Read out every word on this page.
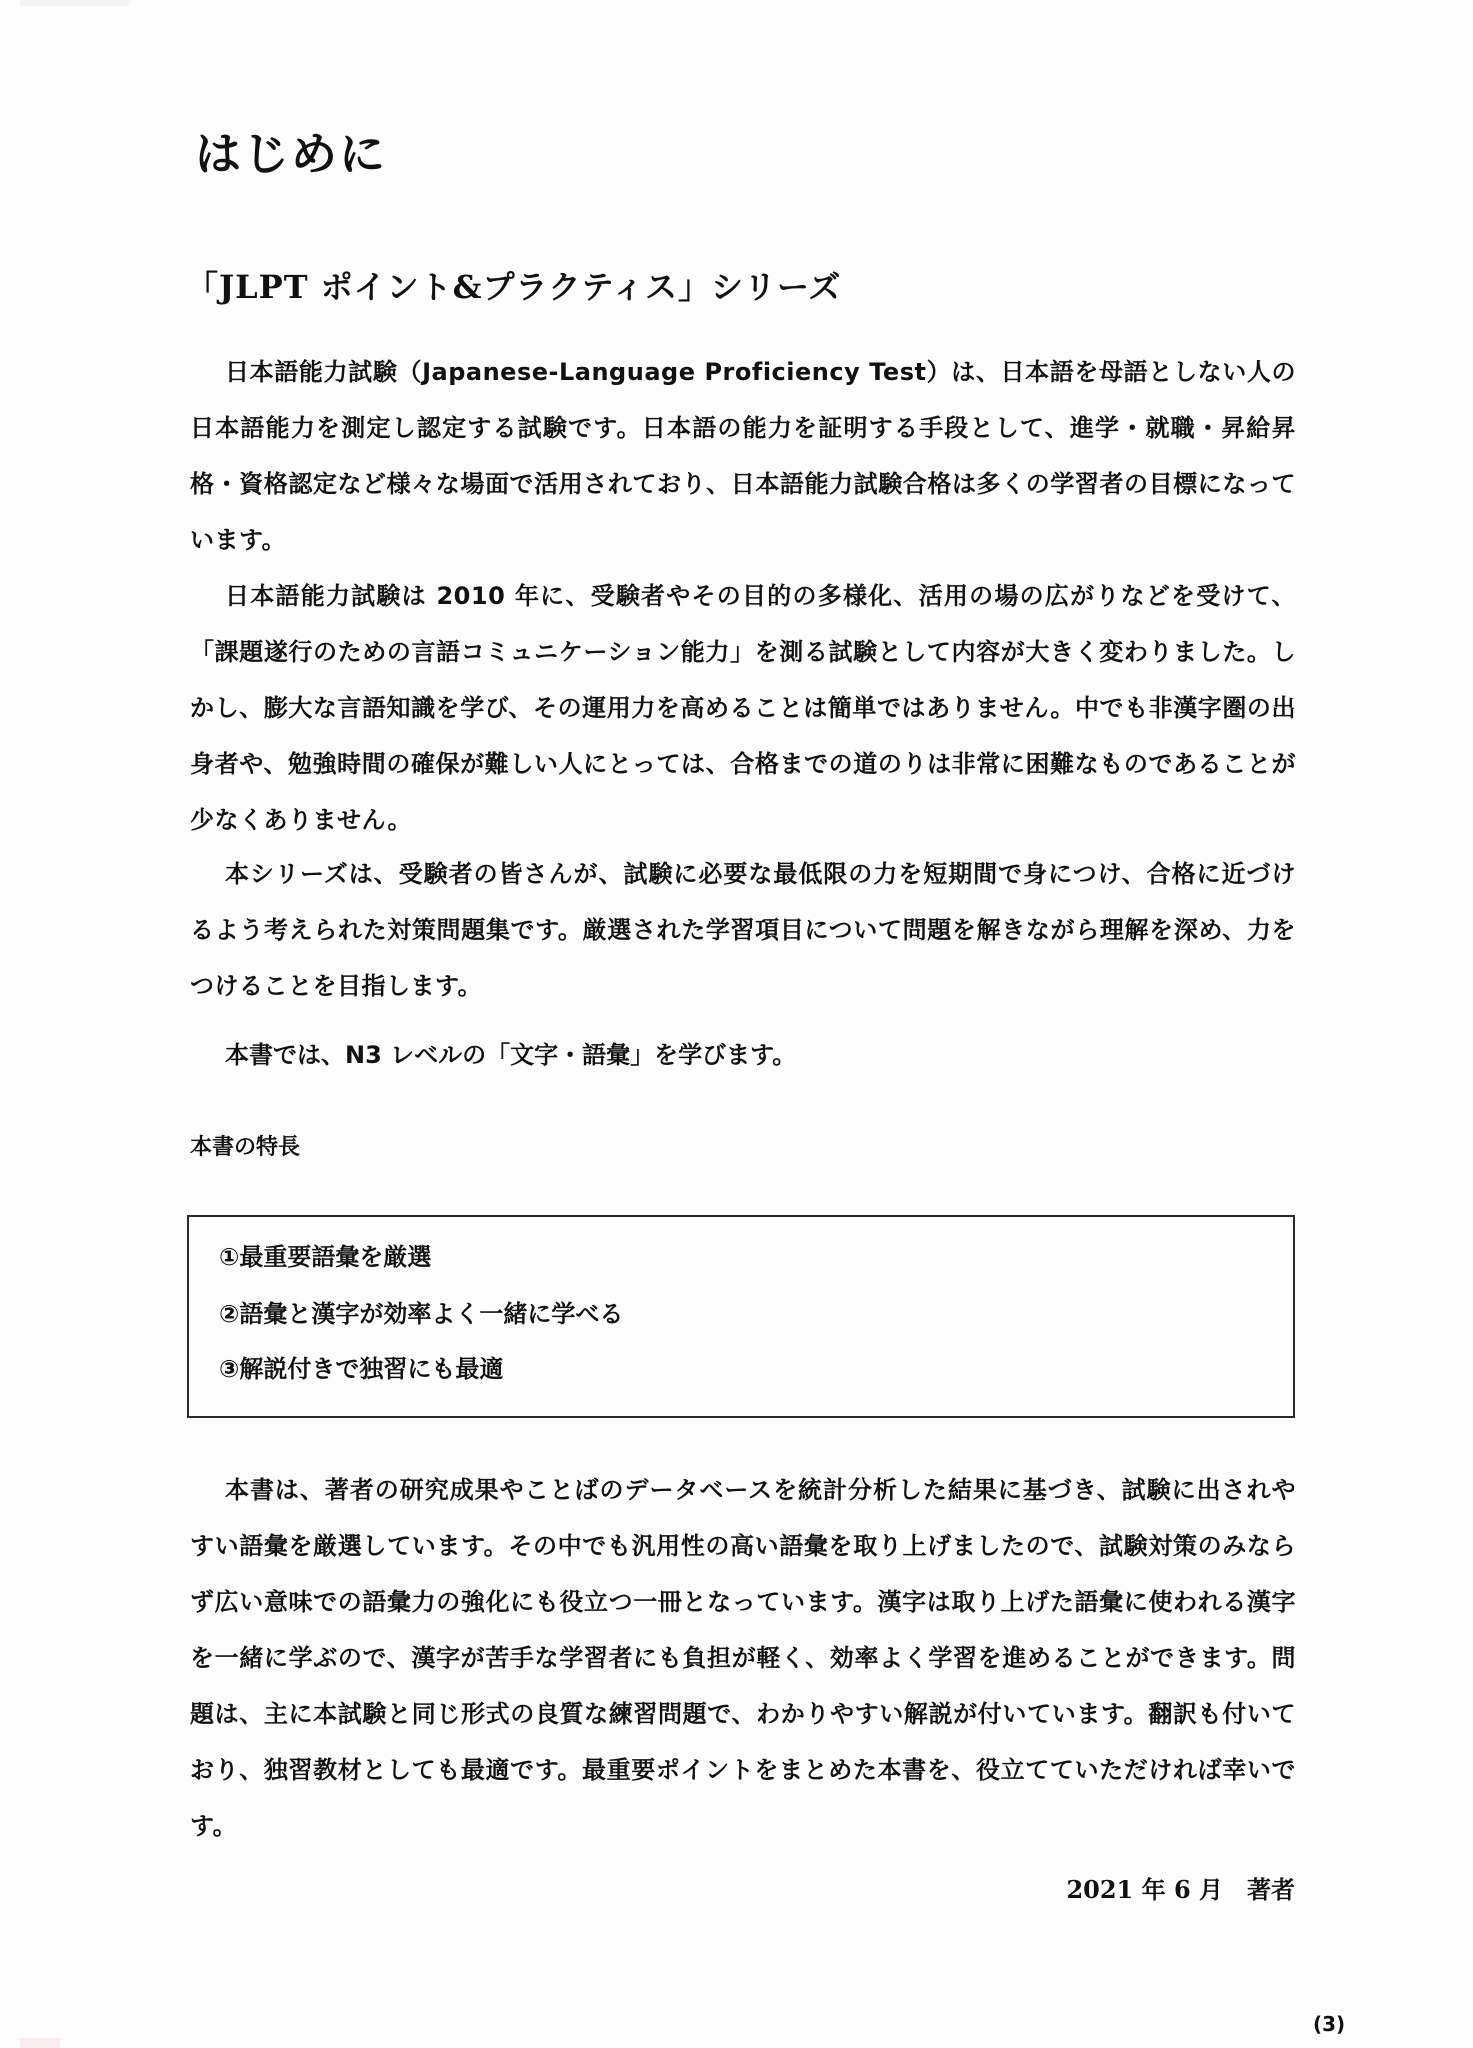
はじめに
「JLPT ポイント&プラクティス」シリーズ

日本語能力試験（Japanese-Language Proficiency Test）は、日本語を母語としない人の日本語能力を測定し認定する試験です。日本語の能力を証明する手段として、進学・就職・昇給昇格・資格認定など様々な場面で活用されており、日本語能力試験合格は多くの学習者の目標になっています。

日本語能力試験は 2010 年に、受験者やその目的の多様化、活用の場の広がりなどを受けて、「課題遂行のための言語コミュニケーション能力」を測る試験として内容が大きく変わりました。しかし、膨大な言語知識を学び、その運用力を高めることは簡単ではありません。中でも非漢字圏の出身者や、勉強時間の確保が難しい人にとっては、合格までの道のりは非常に困難なものであることが少なくありません。

本シリーズは、受験者の皆さんが、試験に必要な最低限の力を短期間で身につけ、合格に近づけるよう考えられた対策問題集です。厳選された学習項目について問題を解きながら理解を深め、力をつけることを目指します。

本書では、N3 レベルの「文字・語彙」を学びます。
本書の特長
①最重要語彙を厳選
②語彙と漢字が効率よく一緒に学べる
③解説付きで独習にも最適

本書は、著者の研究成果やことばのデータベースを統計分析した結果に基づき、試験に出されやすい語彙を厳選しています。その中でも汎用性の高い語彙を取り上げましたので、試験対策のみならず広い意味での語彙力の強化にも役立つ一冊となっています。漢字は取り上げた語彙に使われる漢字を一緒に学ぶので、漢字が苦手な学習者にも負担が軽く、効率よく学習を進めることができます。問題は、主に本試験と同じ形式の良質な練習問題で、わかりやすい解説が付いています。翻訳も付いており、独習教材としても最適です。最重要ポイントをまとめた本書を、役立てていただければ幸いです。

2021 年 6 月　著者
(3)
